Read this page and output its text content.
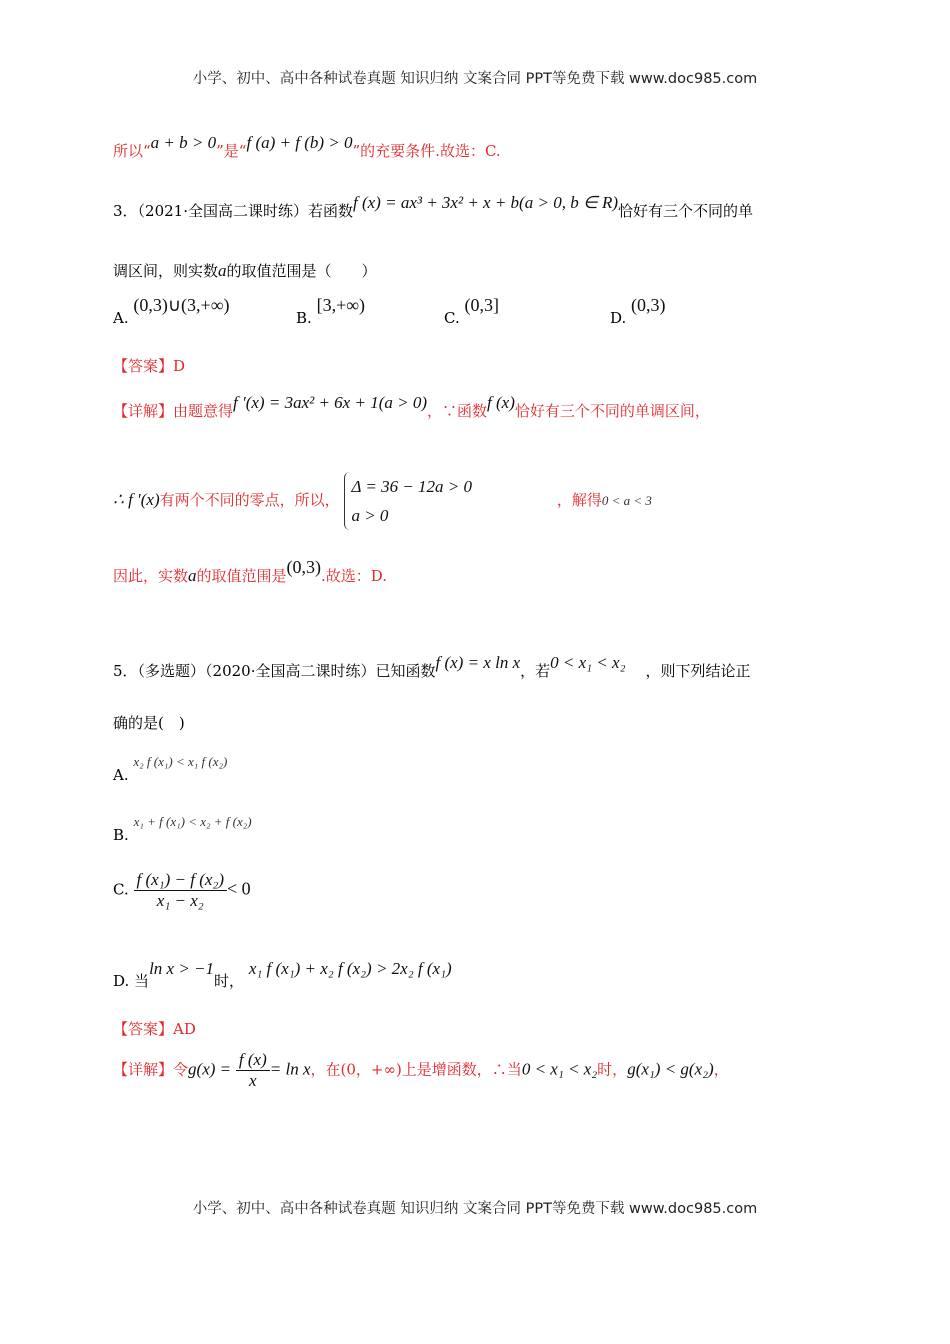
小学、初中、高中各种试卷真题 知识归纳 文案合同 PPT等免费下载 www.doc985.com
所以“a + b > 0”是“f (a) + f (b) > 0”的充要条件.故选：C.
3．（2021·全国高二课时练）若函数f (x) = ax³ + 3x² + x + b(a > 0, b ∈ R)恰好有三个不同的单
调区间，则实数a的取值范围是（　　）
A. (0,3)∪(3,+∞)
B. [3,+∞)
C. (0,3]
D. (0,3)
【答案】D
【详解】由题意得f ′(x) = 3ax² + 6x + 1(a > 0)，∵函数f (x)恰好有三个不同的单调区间，
∴ f ′(x)有两个不同的零点，所以，
Δ = 36 − 12a > 0
a > 0
，解得0 < a < 3
因此，实数a的取值范围是(0,3).故选：D.
5．（多选题）（2020·全国高二课时练）已知函数f (x) = x ln x，若0 < x₁ < x₂ ，则下列结论正
确的是(　)
A. x₂ f (x₁) < x₁ f (x₂)
B. x₁ + f (x₁) < x₂ + f (x₂)
C. $\frac{\text{f (x₁) − f (x₂)}}{\text{x₁ − x₂}} < 0$
D. 当ln x > −1时， x₁ f (x₁) + x₂ f (x₂) > 2x₂ f (x₁)
【答案】AD
【详解】令$g(x) = \frac{f (x)}{x} = \ln x$，在(0，+∞)上是增函数，∴当0 < x₁ < x₂时，g(x₁) < g(x₂)，
小学、初中、高中各种试卷真题 知识归纳 文案合同 PPT等免费下载 www.doc985.com
